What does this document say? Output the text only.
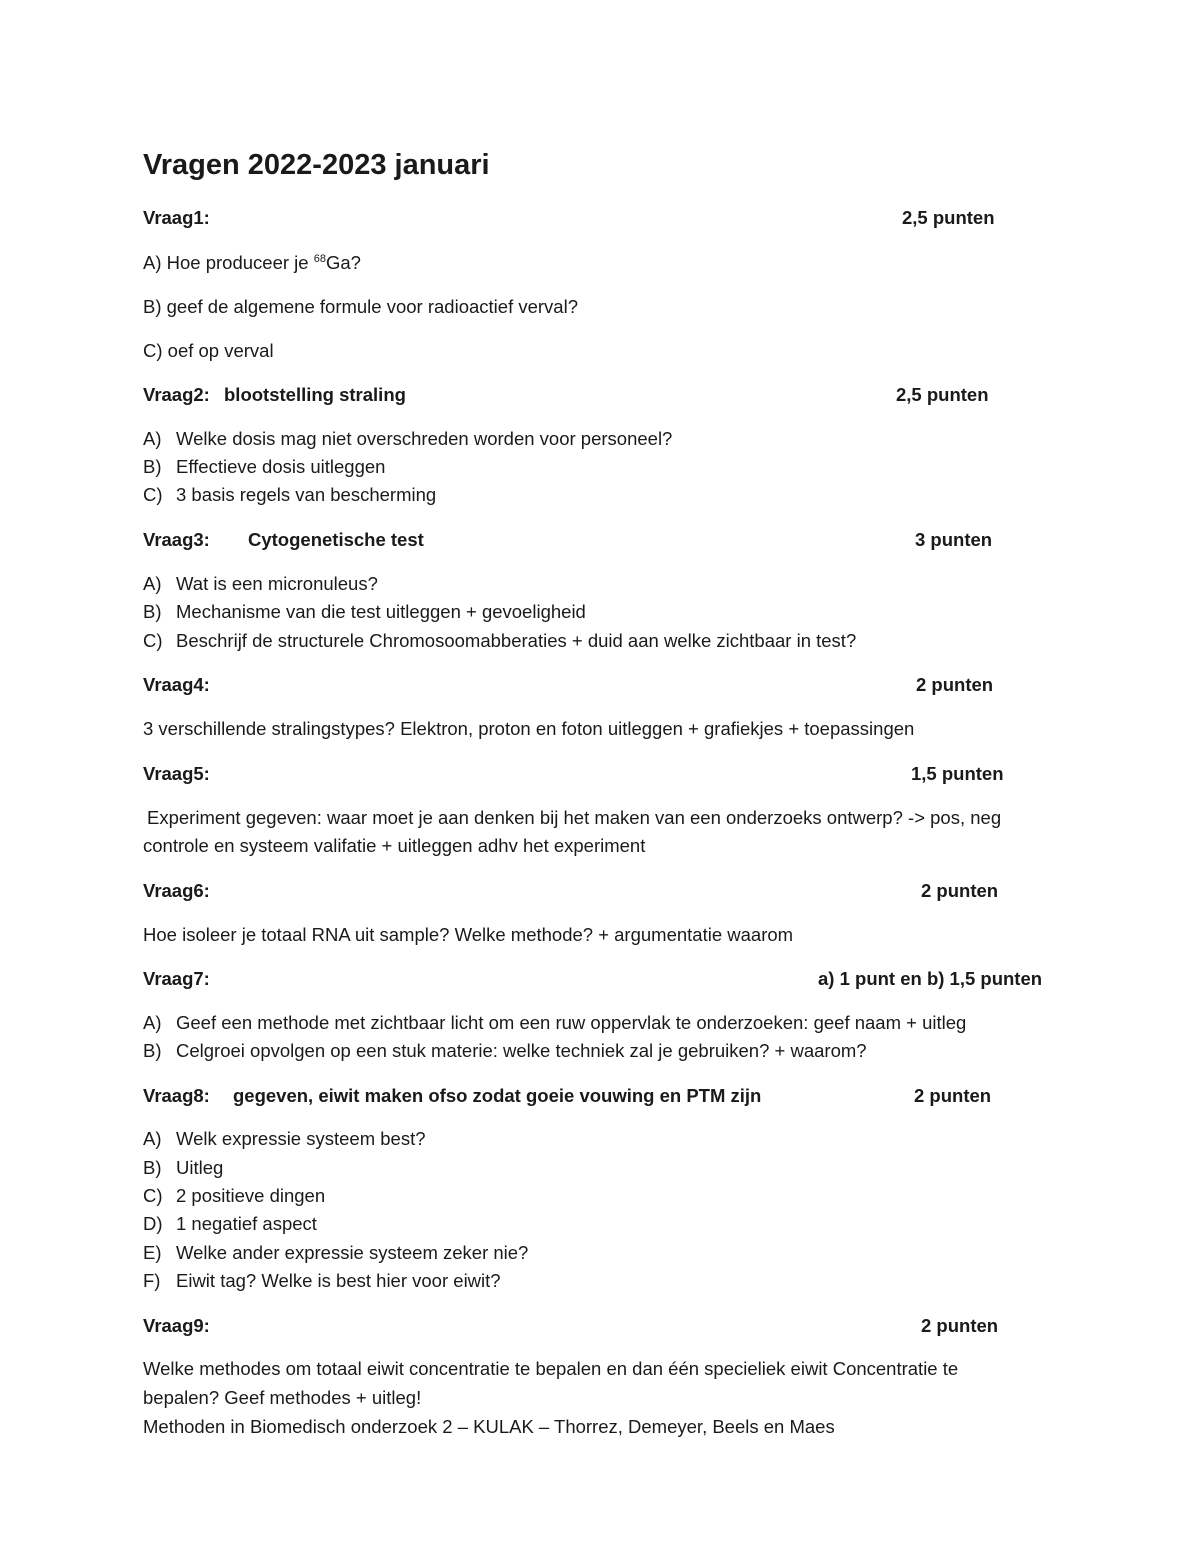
Vragen 2022-2023 januari
Vraag1:	2,5 punten
A) Hoe produceer je $^{68}$Ga?
B) geef de algemene formule voor radioactief verval?
C) oef op verval
Vraag2: blootstelling straling	2,5 punten
A) Welke dosis mag niet overschreden worden voor personeel?
B) Effectieve dosis uitleggen
C) 3 basis regels van bescherming
Vraag3: Cytogenetische test	3 punten
A) Wat is een micronuleus?
B) Mechanisme van die test uitleggen + gevoeligheid
C) Beschrijf de structurele Chromosoomabberaties + duid aan welke zichtbaar in test?
Vraag4:	2 punten
3 verschillende stralingstypes? Elektron, proton en foton uitleggen + grafiekjes + toepassingen
Vraag5:	1,5 punten
Experiment gegeven: waar moet je aan denken bij het maken van een onderzoeks ontwerp? -> pos, neg
controle en systeem valifatie + uitleggen adhv het experiment
Vraag6:	2 punten
Hoe isoleer je totaal RNA uit sample? Welke methode? + argumentatie waarom
Vraag7:	a) 1 punt en b) 1,5 punten
A) Geef een methode met zichtbaar licht om een ruw oppervlak te onderzoeken: geef naam + uitleg
B) Celgroei opvolgen op een stuk materie: welke techniek zal je gebruiken? + waarom?
Vraag8: gegeven, eiwit maken ofso zodat goeie vouwing en PTM zijn	2 punten
A) Welk expressie systeem best?
B) Uitleg
C) 2 positieve dingen
D) 1 negatief aspect
E) Welke ander expressie systeem zeker nie?
F) Eiwit tag? Welke is best hier voor eiwit?
Vraag9:	2 punten
Welke methodes om totaal eiwit concentratie te bepalen en dan één specieliek eiwit Concentratie te
bepalen? Geef methodes + uitleg!
Methoden in Biomedisch onderzoek 2 – KULAK – Thorrez, Demeyer, Beels en Maes
